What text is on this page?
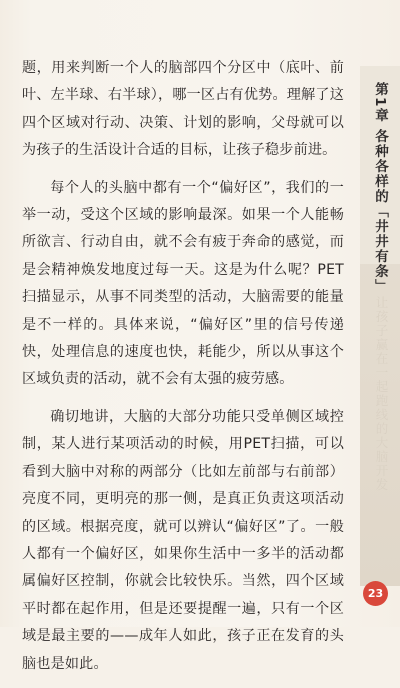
题，用来判断一个人的脑部四个分区中（底叶、前叶、左半球、右半球），哪一区占有优势。理解了这四个区域对行动、决策、计划的影响，父母就可以为孩子的生活设计合适的目标，让孩子稳步前进。

每个人的头脑中都有一个“偏好区”，我们的一举一动，受这个区域的影响最深。如果一个人能畅所欲言、行动自由，就不会有疲于奔命的感觉，而是会精神焕发地度过每一天。这是为什么呢？PET扫描显示，从事不同类型的活动，大脑需要的能量是不一样的。具体来说，“偏好区”里的信号传递快，处理信息的速度也快，耗能少，所以从事这个区域负责的活动，就不会有太强的疲劳感。

确切地讲，大脑的大部分功能只受单侧区域控制，某人进行某项活动的时候，用PET扫描，可以看到大脑中对称的两部分（比如左前部与右前部）亮度不同，更明亮的那一侧，是真正负责这项活动的区域。根据亮度，就可以辨认“偏好区”了。一般人都有一个偏好区，如果你生活中一多半的活动都属偏好区控制，你就会比较快乐。当然，四个区域平时都在起作用，但是还要提醒一遍，只有一个区域是最主要的——成年人如此，孩子正在发育的头脑也是如此。

第1章 各种各样的「井井有条」
让孩子赢在一起跑线的大脑开发
23
